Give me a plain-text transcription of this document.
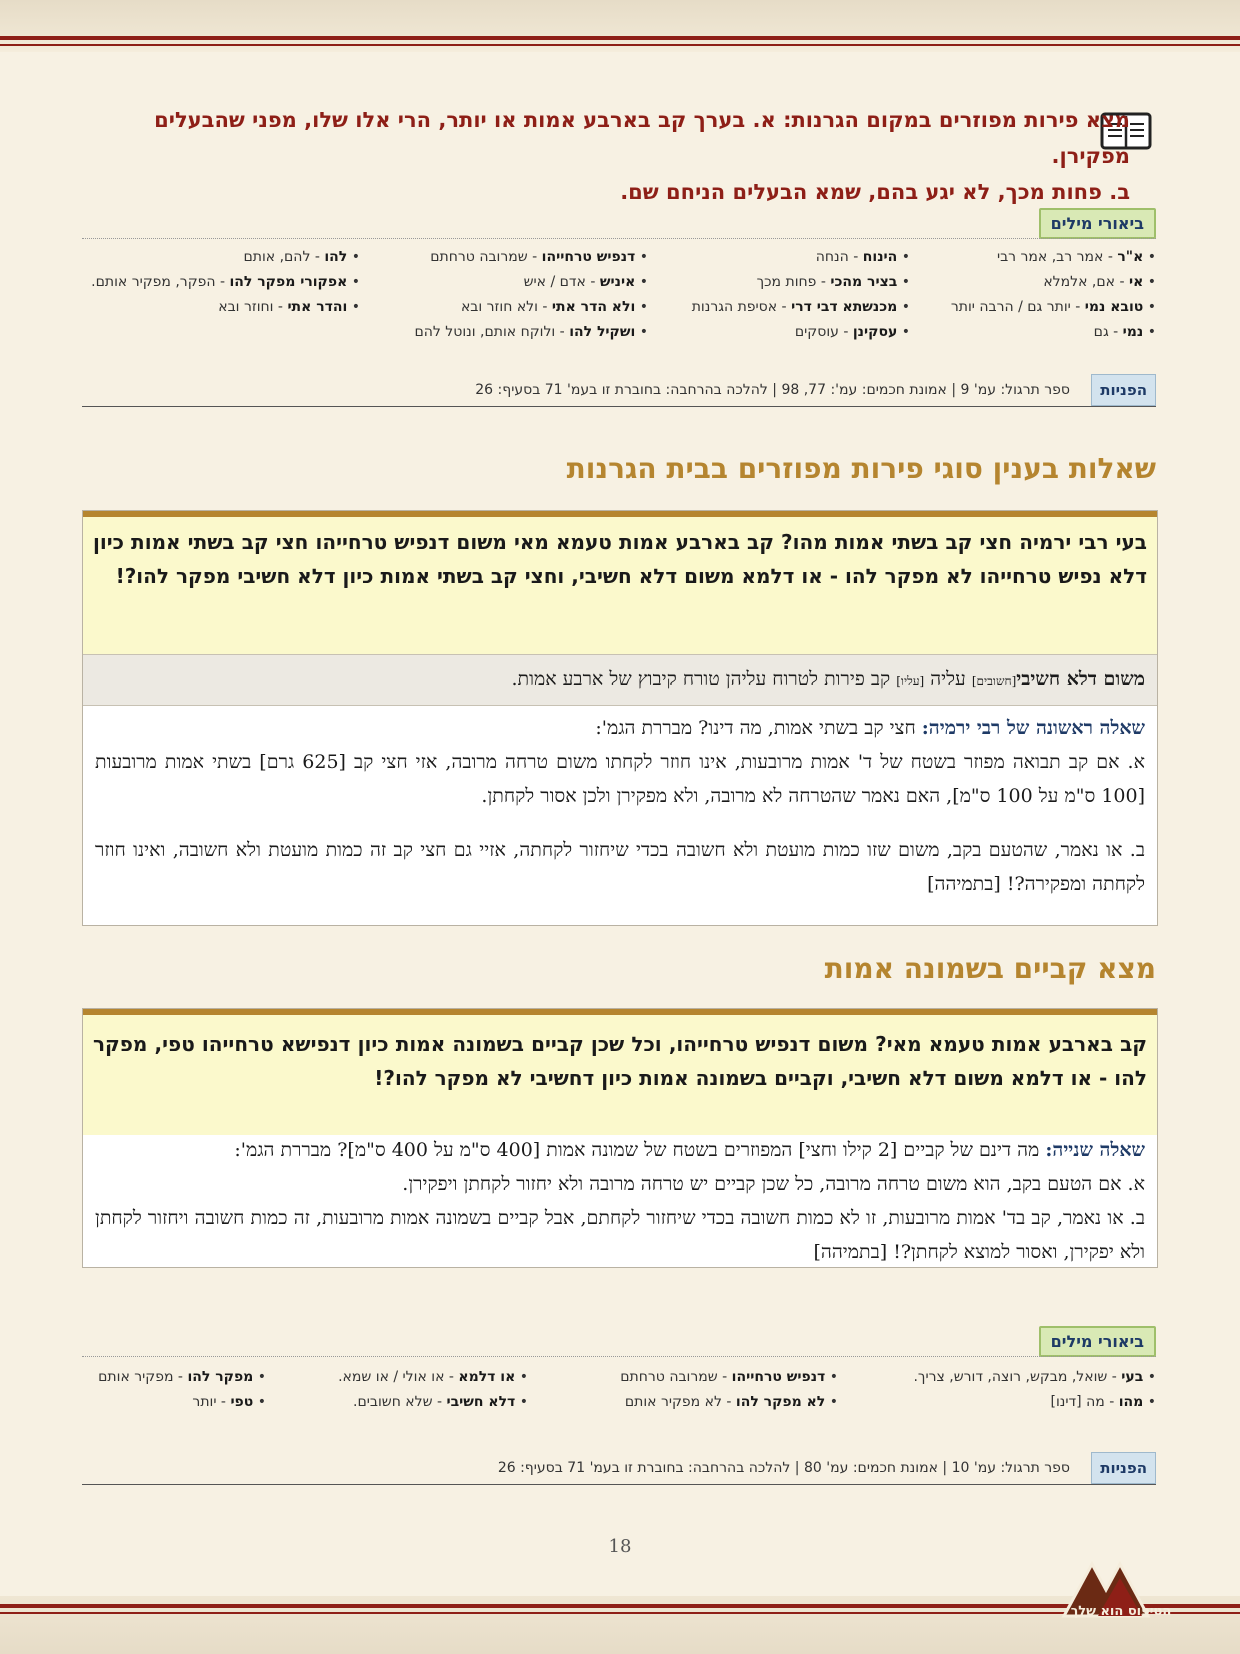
מצא פירות מפוזרים במקום הגרנות: א. בערך קב בארבע אמות או יותר, הרי אלו שלו, מפני שהבעלים מפקירן.
ב. פחות מכך, לא יגע בהם, שמא הבעלים הניחם שם.
ביאורי מילים
• א"ר - אמר רב, אמר רבי
• אי - אם, אלמלא
• טובא נמי - יותר גם / הרבה יותר
• נמי - גם
• הינוח - הנחה
• בציר מהכי - פחות מכך
• מכנשתא דבי דרי - אסיפת הגרנות
• עסקינן - עוסקים
• דנפיש טרחייהו - שמרובה טרחתם
• איניש - אדם / איש
• ולא הדר אתי - ולא חוזר ובא
• ושקיל להו - ולוקח אותם, ונוטל להם
• להו - להם, אותם
• אפקורי מפקר להו - הפקר, מפקיר אותם.
• והדר אתי - וחוזר ובא
הפניות
ספר תרגול: עמ' 9 | אמונת חכמים: עמ': 77, 98 | להלכה בהרחבה: בחוברת זו בעמ' 71 בסעיף: 26
שאלות בענין סוגי פירות מפוזרים בבית הגרנות

בעי רבי ירמיה חצי קב בשתי אמות מהו? קב בארבע אמות טעמא מאי משום דנפיש טרחייהו חצי קב בשתי אמות כיון דלא נפיש טרחייהו לא מפקר להו - או דלמא משום דלא חשיבי, וחצי קב בשתי אמות כיון דלא חשיבי מפקר להו?!

משום דלא חשיבי[חשובים] עליה [עליו] קב פירות לטרוח עליהן טורח קיבוץ של ארבע אמות.

שאלה ראשונה של רבי ירמיה: חצי קב בשתי אמות, מה דינו? מבררת הגמ':

א. אם קב תבואה מפוזר בשטח של ד' אמות מרובעות, אינו חוזר לקחתו משום טרחה מרובה, אזי חצי קב [625 גרם] בשתי אמות מרובעות [100 ס"מ על 100 ס"מ], האם נאמר שהטרחה לא מרובה, ולא מפקירן ולכן אסור לקחתן.

ב. או נאמר, שהטעם בקב, משום שזו כמות מועטת ולא חשובה בכדי שיחזור לקחתה, אזיי גם חצי קב זה כמות מועטת ולא חשובה, ואינו חוזר לקחתה ומפקירה?! [בתמיהה]

מצא קביים בשמונה אמות

קב בארבע אמות טעמא מאי? משום דנפיש טרחייהו, וכל שכן קביים בשמונה אמות כיון דנפישא טרחייהו טפי, מפקר להו - או דלמא משום דלא חשיבי, וקביים בשמונה אמות כיון דחשיבי לא מפקר להו?!

שאלה שנייה: מה דינם של קביים [2 קילו וחצי] המפוזרים בשטח של שמונה אמות [400 ס"מ על 400 ס"מ]? מבררת הגמ':

א. אם הטעם בקב, הוא משום טרחה מרובה, כל שכן קביים יש טרחה מרובה ולא יחזור לקחתן ויפקירן.

ב. או נאמר, קב בד' אמות מרובעות, זו לא כמות חשובה בכדי שיחזור לקחתם, אבל קביים בשמונה אמות מרובעות, זה כמות חשובה ויחזור לקחתן ולא יפקירן, ואסור למוצא לקחתן?! [בתמיהה]

ביאורי מילים
• בעי - שואל, מבקש, רוצה, דורש, צריך.
• מהו - מה [דינו]
• דנפיש טרחייהו - שמרובה טרחתם
• לא מפקר להו - לא מפקיר אותם
• או דלמא - או אולי / או שמא.
• דלא חשיבי - שלא חשובים.
• מפקר להו - מפקיר אותם
• טפי - יותר
הפניות
ספר תרגול: עמ' 10 | אמונת חכמים: עמ' 80 | להלכה בהרחבה: בחוברת זו בעמ' 71 בסעיף: 26
18
הטיפוס הוא שלך
